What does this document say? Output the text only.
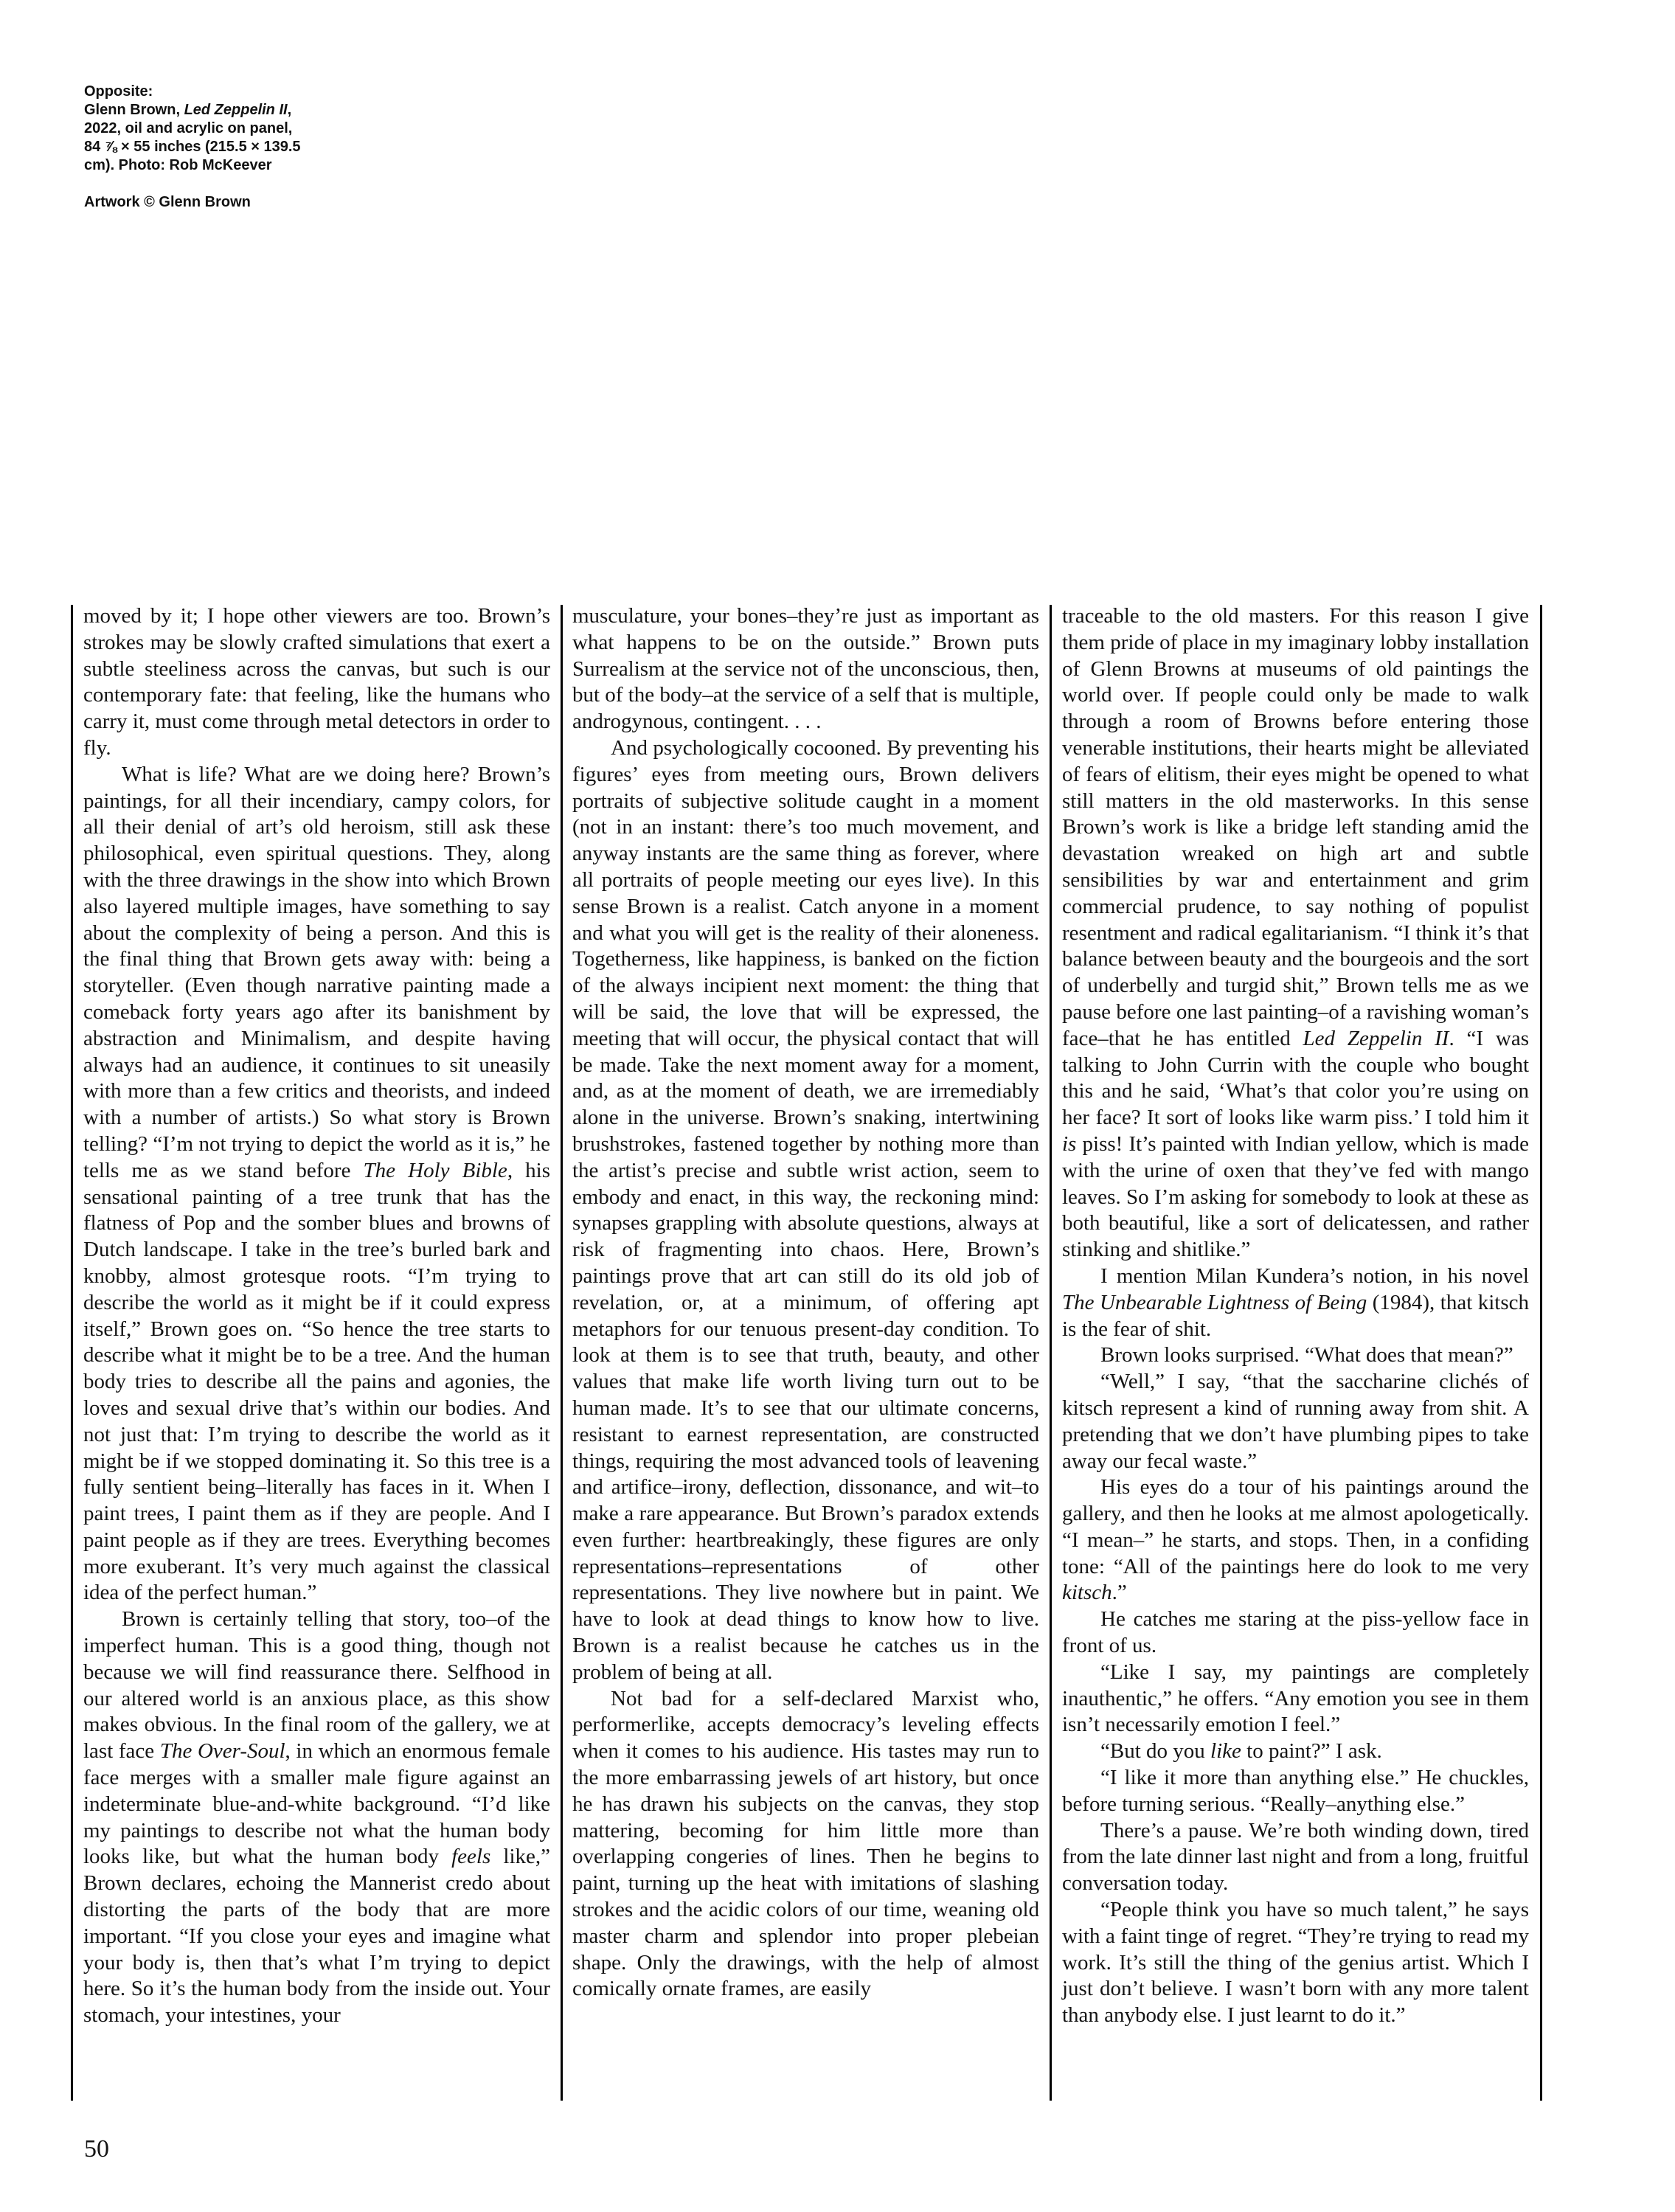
Opposite:
Glenn Brown, Led Zeppelin II, 2022, oil and acrylic on panel, 84 ⅞ × 55 inches (215.5 × 139.5 cm). Photo: Rob McKeever

Artwork © Glenn Brown

moved by it; I hope other viewers are too. Brown’s strokes may be slowly crafted simulations that exert a subtle steeliness across the canvas, but such is our contemporary fate: that feeling, like the humans who carry it, must come through metal detectors in order to fly.

What is life? What are we doing here? Brown’s paintings, for all their incendiary, campy colors, for all their denial of art’s old heroism, still ask these philosophical, even spiritual questions. They, along with the three drawings in the show into which Brown also layered multiple images, have something to say about the complexity of being a person. And this is the final thing that Brown gets away with: being a storyteller. (Even though narrative painting made a comeback forty years ago after its banishment by abstraction and Minimalism, and despite having always had an audience, it continues to sit uneasily with more than a few critics and theorists, and indeed with a number of artists.) So what story is Brown telling? “I’m not trying to depict the world as it is,” he tells me as we stand before The Holy Bible, his sensational painting of a tree trunk that has the flatness of Pop and the somber blues and browns of Dutch landscape. I take in the tree’s burled bark and knobby, almost grotesque roots. “I’m trying to describe the world as it might be if it could express itself,” Brown goes on. “So hence the tree starts to describe what it might be to be a tree. And the human body tries to describe all the pains and agonies, the loves and sexual drive that’s within our bodies. And not just that: I’m trying to describe the world as it might be if we stopped dominating it. So this tree is a fully sentient being–literally has faces in it. When I paint trees, I paint them as if they are people. And I paint people as if they are trees. Everything becomes more exuberant. It’s very much against the classical idea of the perfect human.”

Brown is certainly telling that story, too–of the imperfect human. This is a good thing, though not because we will find reassurance there. Selfhood in our altered world is an anxious place, as this show makes obvious. In the final room of the gallery, we at last face The Over-Soul, in which an enormous female face merges with a smaller male figure against an indeterminate blue-and-white background. “I’d like my paintings to describe not what the human body looks like, but what the human body feels like,” Brown declares, echoing the Mannerist credo about distorting the parts of the body that are more important. “If you close your eyes and imagine what your body is, then that’s what I’m trying to depict here. So it’s the human body from the inside out. Your stomach, your intestines, your

musculature, your bones–they’re just as important as what happens to be on the outside.” Brown puts Surrealism at the service not of the unconscious, then, but of the body–at the service of a self that is multiple, androgynous, contingent. . . .

And psychologically cocooned. By preventing his figures’ eyes from meeting ours, Brown delivers portraits of subjective solitude caught in a moment (not in an instant: there’s too much movement, and anyway instants are the same thing as forever, where all portraits of people meeting our eyes live). In this sense Brown is a realist. Catch anyone in a moment and what you will get is the reality of their aloneness. Togetherness, like happiness, is banked on the fiction of the always incipient next moment: the thing that will be said, the love that will be expressed, the meeting that will occur, the physical contact that will be made. Take the next moment away for a moment, and, as at the moment of death, we are irremediably alone in the universe. Brown’s snaking, intertwining brushstrokes, fastened together by nothing more than the artist’s precise and subtle wrist action, seem to embody and enact, in this way, the reckoning mind: synapses grappling with absolute questions, always at risk of fragmenting into chaos. Here, Brown’s paintings prove that art can still do its old job of revelation, or, at a minimum, of offering apt metaphors for our tenuous present-day condition. To look at them is to see that truth, beauty, and other values that make life worth living turn out to be human made. It’s to see that our ultimate concerns, resistant to earnest representation, are constructed things, requiring the most advanced tools of leavening and artifice–irony, deflection, dissonance, and wit–to make a rare appearance. But Brown’s paradox extends even further: heartbreakingly, these figures are only representations–representations of other representations. They live nowhere but in paint. We have to look at dead things to know how to live. Brown is a realist because he catches us in the problem of being at all.

Not bad for a self-declared Marxist who, performerlike, accepts democracy’s leveling effects when it comes to his audience. His tastes may run to the more embarrassing jewels of art history, but once he has drawn his subjects on the canvas, they stop mattering, becoming for him little more than overlapping congeries of lines. Then he begins to paint, turning up the heat with imitations of slashing strokes and the acidic colors of our time, weaning old master charm and splendor into proper plebeian shape. Only the drawings, with the help of almost comically ornate frames, are easily

traceable to the old masters. For this reason I give them pride of place in my imaginary lobby installation of Glenn Browns at museums of old paintings the world over. If people could only be made to walk through a room of Browns before entering those venerable institutions, their hearts might be alleviated of fears of elitism, their eyes might be opened to what still matters in the old masterworks. In this sense Brown’s work is like a bridge left standing amid the devastation wreaked on high art and subtle sensibilities by war and entertainment and grim commercial prudence, to say nothing of populist resentment and radical egalitarianism. “I think it’s that balance between beauty and the bourgeois and the sort of underbelly and turgid shit,” Brown tells me as we pause before one last painting–of a ravishing woman’s face–that he has entitled Led Zeppelin II. “I was talking to John Currin with the couple who bought this and he said, ‘What’s that color you’re using on her face? It sort of looks like warm piss.’ I told him it is piss! It’s painted with Indian yellow, which is made with the urine of oxen that they’ve fed with mango leaves. So I’m asking for somebody to look at these as both beautiful, like a sort of delicatessen, and rather stinking and shitlike.”

I mention Milan Kundera’s notion, in his novel The Unbearable Lightness of Being (1984), that kitsch is the fear of shit.

Brown looks surprised. “What does that mean?”

“Well,” I say, “that the saccharine clichés of kitsch represent a kind of running away from shit. A pretending that we don’t have plumbing pipes to take away our fecal waste.”

His eyes do a tour of his paintings around the gallery, and then he looks at me almost apologetically. “I mean–” he starts, and stops. Then, in a confiding tone: “All of the paintings here do look to me very kitsch.”

He catches me staring at the piss-yellow face in front of us.

“Like I say, my paintings are completely inauthentic,” he offers. “Any emotion you see in them isn’t necessarily emotion I feel.”

“But do you like to paint?” I ask.

“I like it more than anything else.” He chuckles, before turning serious. “Really–anything else.”

There’s a pause. We’re both winding down, tired from the late dinner last night and from a long, fruitful conversation today.

“People think you have so much talent,” he says with a faint tinge of regret. “They’re trying to read my work. It’s still the thing of the genius artist. Which I just don’t believe. I wasn’t born with any more talent than anybody else. I just learnt to do it.”

50
